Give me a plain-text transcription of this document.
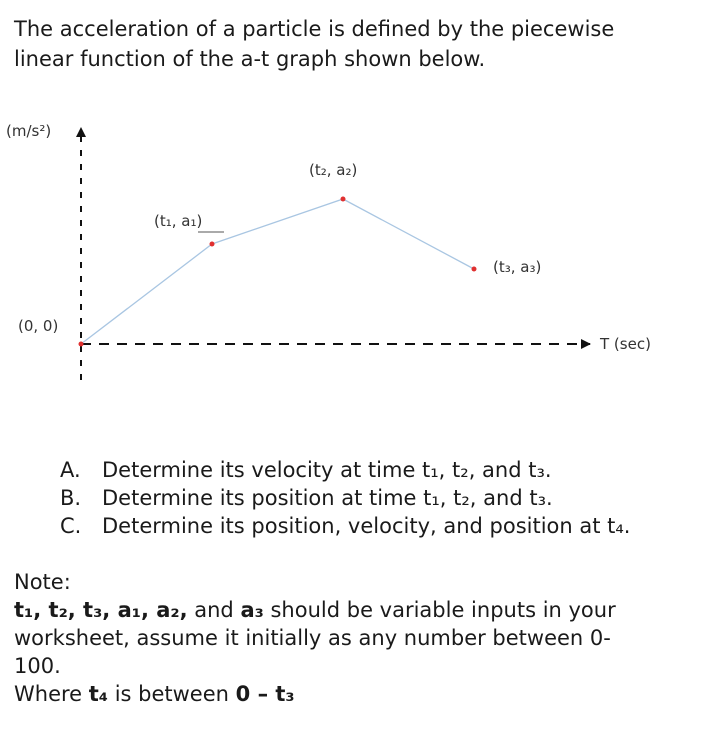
The acceleration of a particle is defined by the piecewise
linear function of the a-t graph shown below.
(m/s²)
T (sec)
(0, 0)
(t₁, a₁)
(t₂, a₂)
(t₃, a₃)
A.	Determine its velocity at time t₁, t₂, and t₃.
B. Determine its position at time t₁, t₂, and t₃.
C. Determine its position, velocity, and position at t₄.
Note:
t₁, t₂, t₃, a₁, a₂, and a₃ should be variable inputs in your
worksheet, assume it initially as any number between 0-
100.
Where t₄ is between 0 – t₃
